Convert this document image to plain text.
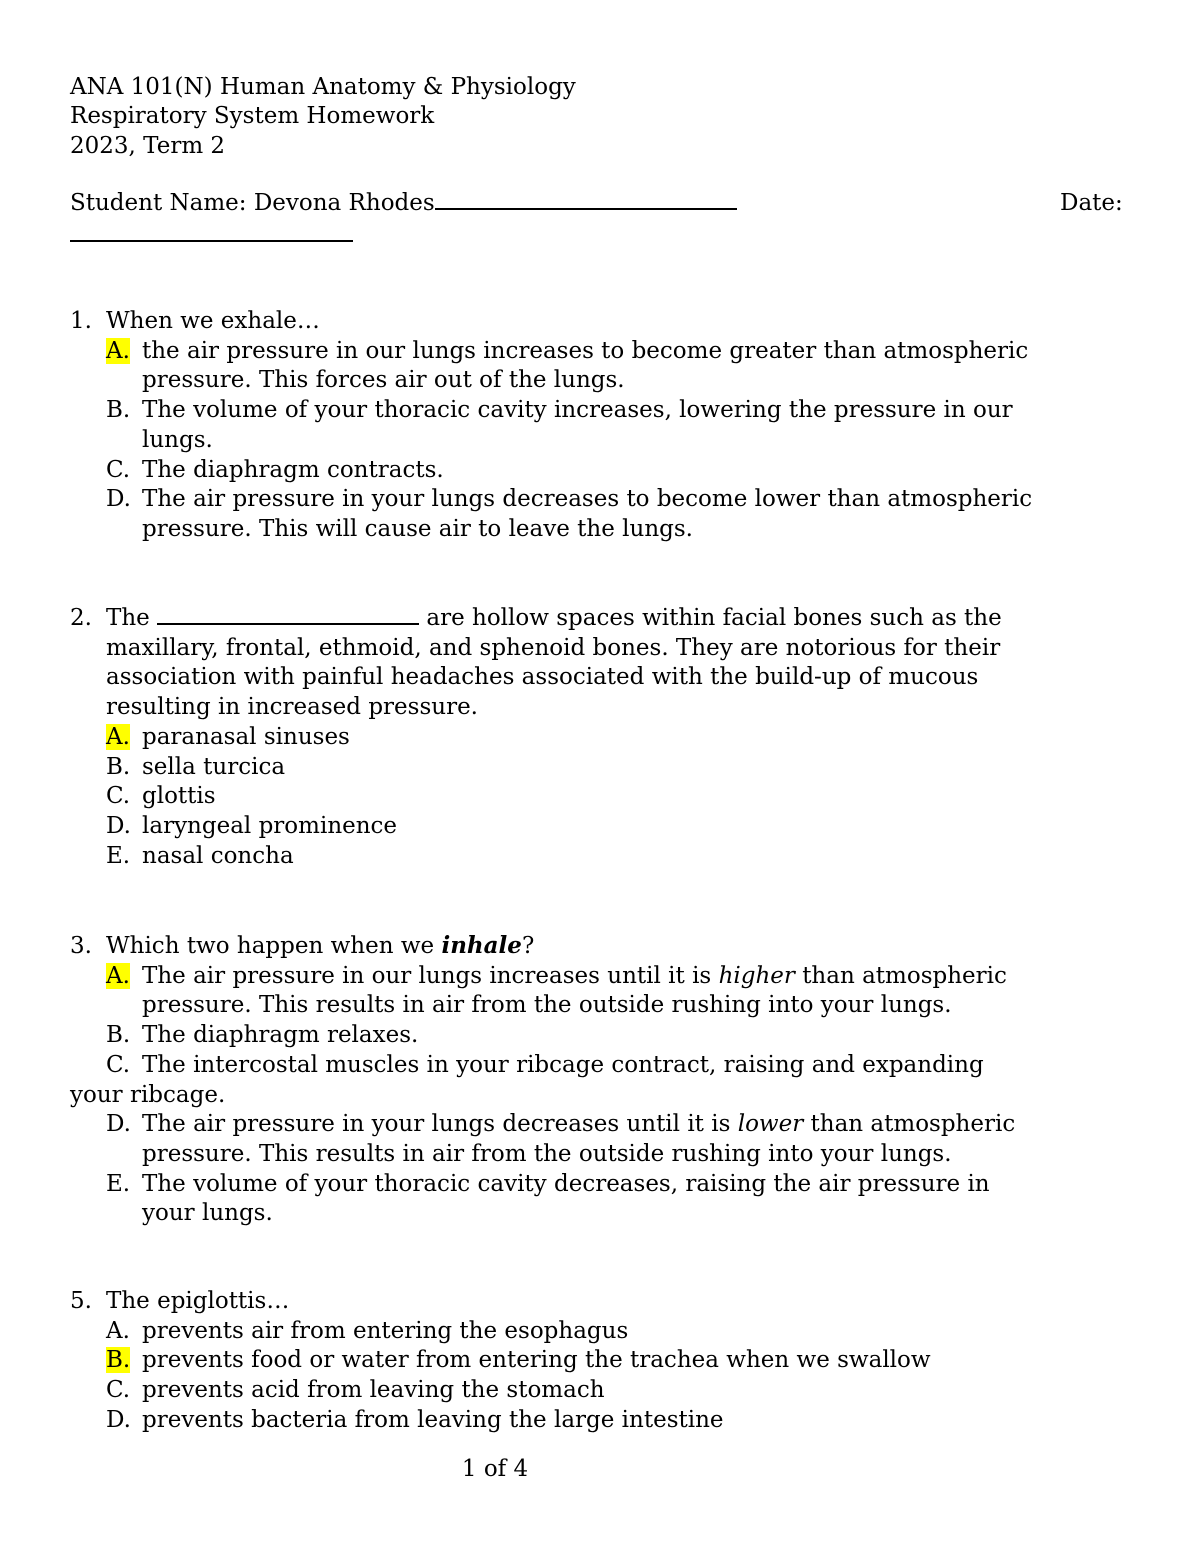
ANA 101(N) Human Anatomy & Physiology
Respiratory System Homework
2023, Term 2
Student Name: Devona Rhodes	Date:
1. When we exhale…
A. the air pressure in our lungs increases to become greater than atmospheric
pressure. This forces air out of the lungs.
B. The volume of your thoracic cavity increases, lowering the pressure in our
lungs.
C. The diaphragm contracts.
D. The air pressure in your lungs decreases to become lower than atmospheric
pressure. This will cause air to leave the lungs.
2. The	are hollow spaces within facial bones such as the
maxillary, frontal, ethmoid, and sphenoid bones. They are notorious for their
association with painful headaches associated with the build-up of mucous
resulting in increased pressure.
A. paranasal sinuses
B. sella turcica
C. glottis
D. laryngeal prominence
E. nasal concha
3. Which two happen when we inhale?
A. The air pressure in our lungs increases until it is higher than atmospheric
pressure. This results in air from the outside rushing into your lungs.
B. The diaphragm relaxes.
C. The intercostal muscles in your ribcage contract, raising and expanding
your ribcage.
D. The air pressure in your lungs decreases until it is lower than atmospheric
pressure. This results in air from the outside rushing into your lungs.
E. The volume of your thoracic cavity decreases, raising the air pressure in
your lungs.
5. The epiglottis…
A. prevents air from entering the esophagus
B. prevents food or water from entering the trachea when we swallow
C. prevents acid from leaving the stomach
D. prevents bacteria from leaving the large intestine
1 of 4
